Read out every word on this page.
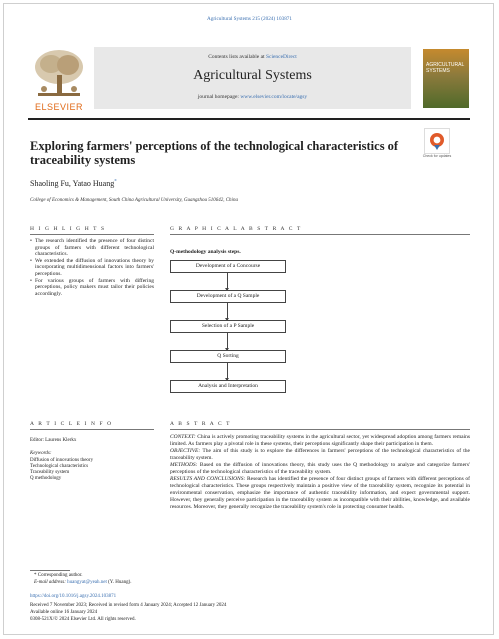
Agricultural Systems 215 (2024) 103871
ELSEVIER
Contents lists available at ScienceDirect
Agricultural Systems
journal homepage: www.elsevier.com/locate/agsy
AGRICULTURAL SYSTEMS
Exploring farmers' perceptions of the technological characteristics of traceability systems	Check for updates
Shaoling Fu, Yatao Huang*
College of Economics & Management, South China Agricultural University, Guangzhou 510642, China
H I G H L I G H T S	G R A P H I C A L A B S T R A C T
• The research identified the presence of four distinct groups of farmers with different technological characteristics.
• We extended the diffusion of innovations theory by incorporating multidimensional factors into farmers' perceptions.
• For various groups of farmers with differing perceptions, policy makers must tailor their policies accordingly.
Q-methodology analysis steps.
Development of a Concourse
Development of a Q Sample
Selection of a P Sample
Q Sorting
Analysis and Interpretation
A R T I C L E I N F O	A B S T R A C T
Editor: Laurens Klerkx
Keywords:
Diffusion of innovations theory
Technological characteristics
Traceability system
Q methodology

CONTEXT: China is actively promoting traceability systems in the agricultural sector, yet widespread adoption among farmers remains limited. As farmers play a pivotal role in these systems, their perceptions significantly shape their participation in them.

OBJECTIVE: The aim of this study is to explore the differences in farmers' perceptions of the technological characteristics of the traceability system.

METHODS: Based on the diffusion of innovations theory, this study uses the Q methodology to analyze and categorize farmers' perceptions of the technological characteristics of the traceability system.

RESULTS AND CONCLUSIONS: Research has identified the presence of four distinct groups of farmers with different perceptions of technological characteristics. These groups respectively maintain a positive view of the traceability system, recognize its potential in environmental conservation, emphasize the importance of authentic traceability information, and expect governmental support. However, they generally perceive participation in the traceability system as incompatible with their abilities, knowledge, and available resources. Moreover, they generally recognize the traceability system's role in protecting consumer health.

* Corresponding author.
E-mail address: huangyat@yeah.net (Y. Huang).
https://doi.org/10.1016/j.agsy.2024.103871
Received 7 November 2023; Received in revised form 4 January 2024; Accepted 12 January 2024
Available online 16 January 2024
0308-521X/© 2024 Elsevier Ltd. All rights reserved.
